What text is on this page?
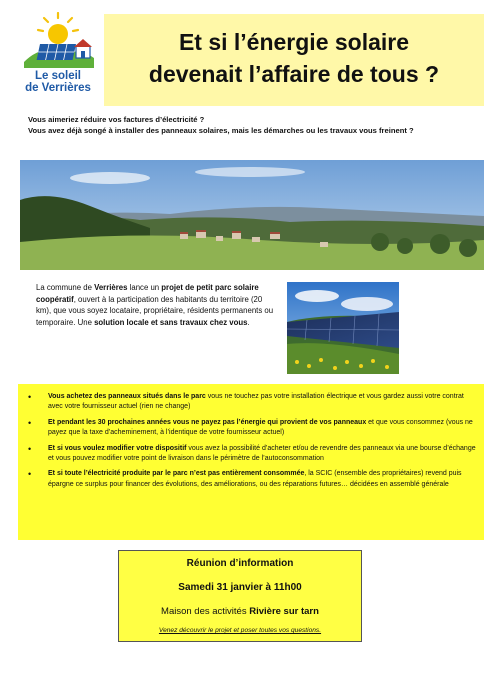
Le soleil
de Verrières
Et si l’énergie solaire
devenait l’affaire de tous ?
Vous aimeriez réduire vos factures d’électricité ?
Vous avez déjà songé à installer des panneaux solaires, mais les démarches ou les travaux vous freinent ?
La commune de Verrières lance un projet de petit parc solaire coopératif, ouvert à la participation des habitants du territoire (20 km), que vous soyez locataire, propriétaire, résidents permanents ou temporaire. Une solution locale et sans travaux chez vous.
• Vous achetez des panneaux situés dans le parc vous ne touchez pas votre installation électrique et vous gardez aussi votre contrat avec votre fournisseur actuel (rien ne change)
• Et pendant les 30 prochaines années vous ne payez pas l’énergie qui provient de vos panneaux et que vous consommez (vous ne payez que la taxe d’acheminement, à l’identique de votre fournisseur actuel)
• Et si vous voulez modifier votre dispositif vous avez la possibilité d’acheter et/ou de revendre des panneaux via une bourse d’échange et vous pouvez modifier votre point de livraison dans le périmètre de l’autoconsommation
• Et si toute l’électricité produite par le parc n’est pas entièrement consommée, la SCIC (ensemble des propriétaires) revend puis épargne ce surplus pour financer des évolutions, des améliorations, ou des réparations futures… décidées en assemblé générale
Réunion d’information
Samedi 31 janvier à 11h00
Maison des activités Rivière sur tarn
Venez découvrir le projet et poser toutes vos questions.
